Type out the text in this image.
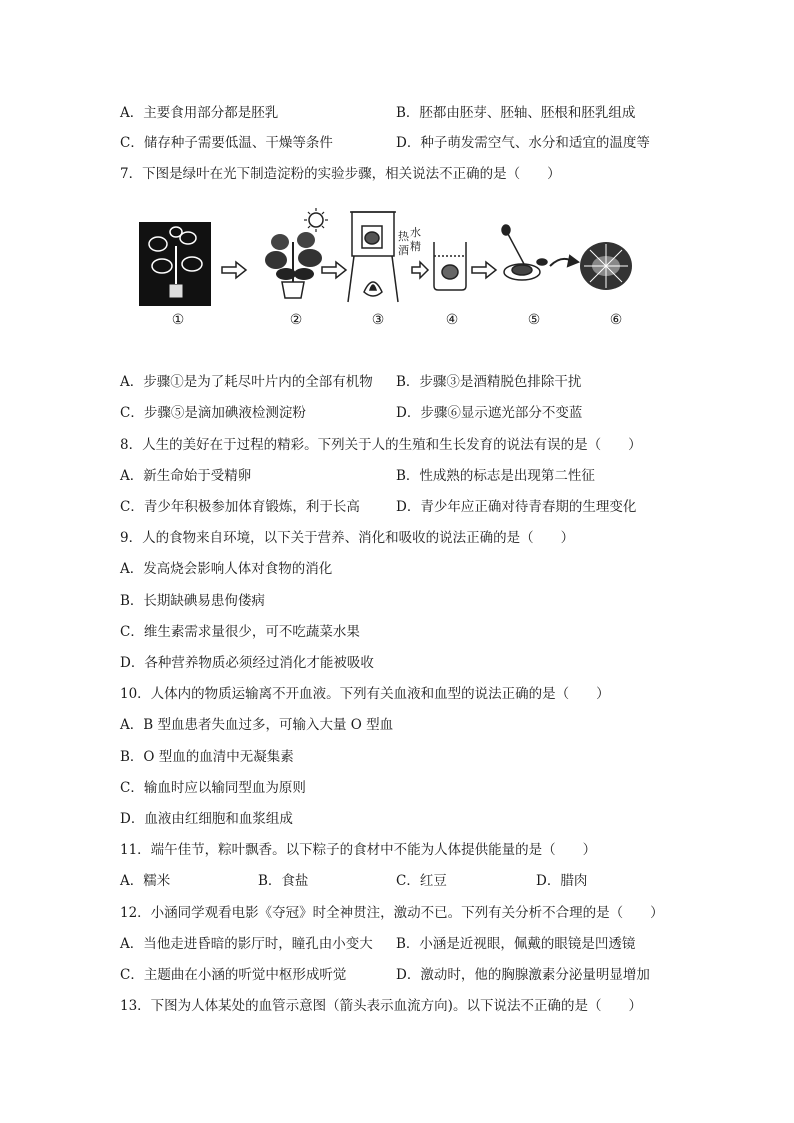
A．主要食用部分都是胚乳	B．胚都由胚芽、胚轴、胚根和胚乳组成
C．储存种子需要低温、干燥等条件	D．种子萌发需空气、水分和适宜的温度等
7．下图是绿叶在光下制造淀粉的实验步骤，相关说法不正确的是（　　）
热 水
酒 精
①	②	③	④	⑤	⑥
A．步骤①是为了耗尽叶片内的全部有机物 B．步骤③是酒精脱色排除干扰
C．步骤⑤是滴加碘液检测淀粉	D．步骤⑥显示遮光部分不变蓝
8．人生的美好在于过程的精彩。下列关于人的生殖和生长发育的说法有误的是（　　）
A．新生命始于受精卵	B．性成熟的标志是出现第二性征
C．青少年积极参加体育锻炼，利于长高	D．青少年应正确对待青春期的生理变化
9．人的食物来自环境，以下关于营养、消化和吸收的说法正确的是（　　）
A．发高烧会影响人体对食物的消化
B．长期缺碘易患佝偻病
C．维生素需求量很少，可不吃蔬菜水果
D．各种营养物质必须经过消化才能被吸收
10．人体内的物质运输离不开血液。下列有关血液和血型的说法正确的是（　　）
A．B 型血患者失血过多，可输入大量 O 型血
B．O 型血的血清中无凝集素
C．输血时应以输同型血为原则
D．血液由红细胞和血浆组成
11．端午佳节，粽叶飘香。以下粽子的食材中不能为人体提供能量的是（　　）
A．糯米	B．食盐	C．红豆	D．腊肉
12．小涵同学观看电影《夺冠》时全神贯注，激动不已。下列有关分析不合理的是（　　）
A．当他走进昏暗的影厅时，瞳孔由小变大 B．小涵是近视眼，佩戴的眼镜是凹透镜
C．主题曲在小涵的听觉中枢形成听觉	D．激动时，他的胸腺激素分泌量明显增加
13．下图为人体某处的血管示意图（箭头表示血流方向)。以下说法不正确的是（　　）
